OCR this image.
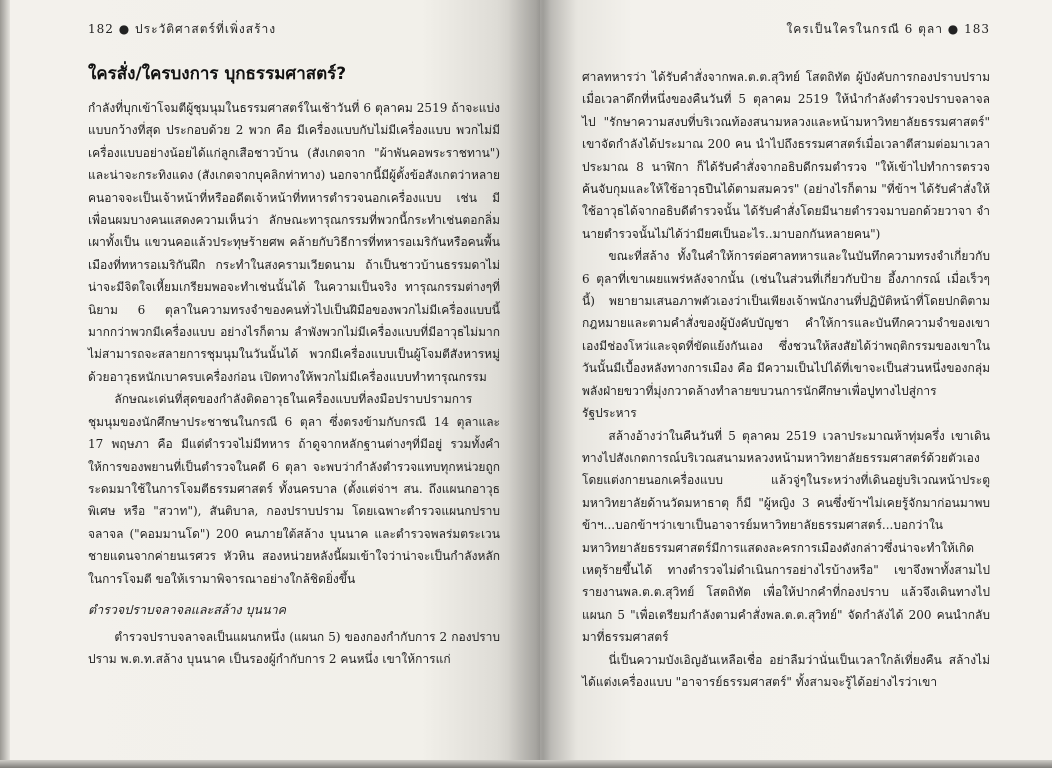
182 ● ประวัติศาสตร์ที่เพิ่งสร้าง
ใครสั่ง/ใครบงการ บุกธรรมศาสตร์?

กำลังที่บุกเข้าโจมตีผู้ชุมนุมในธรรมศาสตร์ในเช้าวันที่ 6 ตุลาคม 2519 ถ้าจะแบ่งแบบกว้างที่สุด ประกอบด้วย 2 พวก คือ มีเครื่องแบบกับไม่มีเครื่องแบบ พวกไม่มีเครื่องแบบอย่างน้อยได้แก่ลูกเสือชาวบ้าน (สังเกตจาก "ผ้าพันคอพระราชทาน") และน่าจะกระทิงแดง (สังเกตจากบุคลิกท่าทาง) นอกจากนี้มีผู้ตั้งข้อสังเกตว่าหลายคนอาจจะเป็นเจ้าหน้าที่หรืออดีตเจ้าหน้าที่ทหารตำรวจนอกเครื่องแบบ เช่น มีเพื่อนผมบางคนแสดงความเห็นว่า ลักษณะทารุณกรรมที่พวกนี้กระทำเช่นตอกลิ่ม เผาทั้งเป็น แขวนคอแล้วประทุษร้ายศพ คล้ายกับวิธีการที่ทหารอเมริกันหรือคนพื้นเมืองที่ทหารอเมริกันฝึก กระทำในสงครามเวียดนาม ถ้าเป็นชาวบ้านธรรมดาไม่น่าจะมีจิตใจเหี้ยมเกรียมพอจะทำเช่นนั้นได้ ในความเป็นจริง ทารุณกรรมต่างๆที่นิยาม 6 ตุลาในความทรงจำของคนทั่วไปเป็นฝีมือของพวกไม่มีเครื่องแบบนี้มากกว่าพวกมีเครื่องแบบ อย่างไรก็ตาม ลำพังพวกไม่มีเครื่องแบบที่มีอาวุธไม่มาก ไม่สามารถจะสลายการชุมนุมในวันนั้นได้ พวกมีเครื่องแบบเป็นผู้โจมตีสังหารหมู่ด้วยอาวุธหนักเบาครบเครื่องก่อน เปิดทางให้พวกไม่มีเครื่องแบบทำทารุณกรรม

ลักษณะเด่นที่สุดของกำลังติดอาวุธในเครื่องแบบที่ลงมือปราบปรามการชุมนุมของนักศึกษาประชาชนในกรณี 6 ตุลา ซึ่งตรงข้ามกับกรณี 14 ตุลาและ 17 พฤษภา คือ มีแต่ตำรวจไม่มีทหาร ถ้าดูจากหลักฐานต่างๆที่มีอยู่ รวมทั้งคำให้การของพยานที่เป็นตำรวจในคดี 6 ตุลา จะพบว่ากำลังตำรวจแทบทุกหน่วยถูกระดมมาใช้ในการโจมตีธรรมศาสตร์ ทั้งนครบาล (ตั้งแต่จ่าฯ สน. ถึงแผนกอาวุธพิเศษ หรือ "สวาท"), สันติบาล, กองปราบปราม โดยเฉพาะตำรวจแผนกปราบจลาจล ("คอมมานโด") 200 คนภายใต้สล้าง บุนนาค และตำรวจพลร่มตระเวนชายแดนจากค่ายนเรศวร หัวหิน สองหน่วยหลังนี้ผมเข้าใจว่าน่าจะเป็นกำลังหลักในการโจมตี ขอให้เรามาพิจารณาอย่างใกล้ชิดยิ่งขึ้น

ตำรวจปราบจลาจลและสล้าง บุนนาค

ตำรวจปราบจลาจลเป็นแผนกหนึ่ง (แผนก 5) ของกองกำกับการ 2 กองปราบปราม พ.ต.ท.สล้าง บุนนาค เป็นรองผู้กำกับการ 2 คนหนึ่ง เขาให้การแก่

ใครเป็นใครในกรณี 6 ตุลา ● 183

ศาลทหารว่า ได้รับคำสั่งจากพล.ต.ต.สุวิทย์ โสตถิทัต ผู้บังคับการกองปราบปราม เมื่อเวลาดึกที่หนึ่งของคืนวันที่ 5 ตุลาคม 2519 ให้นำกำลังตำรวจปราบจลาจลไป "รักษาความสงบที่บริเวณท้องสนามหลวงและหน้ามหาวิทยาลัยธรรมศาสตร์" เขาจัดกำลังได้ประมาณ 200 คน นำไปถึงธรรมศาสตร์เมื่อเวลาตีสามต่อมาเวลาประมาณ 8 นาฬิกา ก็ได้รับคำสั่งจากอธิบดีกรมตำรวจ "ให้เข้าไปทำการตรวจค้นจับกุมและให้ใช้อาวุธปืนได้ตามสมควร" (อย่างไรก็ตาม "ที่ข้าฯ ได้รับคำสั่งให้ใช้อาวุธได้จากอธิบดีตำรวจนั้น ได้รับคำสั่งโดยมีนายตำรวจมาบอกด้วยวาจา จำนายตำรวจนั้นไม่ได้ว่ามียศเป็นอะไร..มาบอกกันหลายคน")

ขณะที่สล้าง ทั้งในคำให้การต่อศาลทหารและในบันทึกความทรงจำเกี่ยวกับ 6 ตุลาที่เขาเผยแพร่หลังจากนั้น (เช่นในส่วนที่เกี่ยวกับป้าย อึ้งภากรณ์ เมื่อเร็วๆนี้) พยายามเสนอภาพตัวเองว่าเป็นเพียงเจ้าพนักงานที่ปฏิบัติหน้าที่โดยปกติตามกฎหมายและตามคำสั่งของผู้บังคับบัญชา คำให้การและบันทึกความจำของเขาเองมีช่องโหว่และจุดที่ขัดแย้งกันเอง ซึ่งชวนให้สงสัยได้ว่าพฤติกรรมของเขาในวันนั้นมีเบื้องหลังทางการเมือง คือ มีความเป็นไปได้ที่เขาจะเป็นส่วนหนึ่งของกลุ่มพลังฝ่ายขวาที่มุ่งกวาดล้างทำลายขบวนการนักศึกษาเพื่อปูทางไปสู่การรัฐประหาร

สล้างอ้างว่าในคืนวันที่ 5 ตุลาคม 2519 เวลาประมาณห้าทุ่มครึ่ง เขาเดินทางไปสังเกตการณ์บริเวณสนามหลวงหน้ามหาวิทยาลัยธรรมศาสตร์ด้วยตัวเองโดยแต่งกายนอกเครื่องแบบ แล้วจู่ๆในระหว่างที่เดินอยู่บริเวณหน้าประตูมหาวิทยาลัยด้านวัดมหาธาตุ ก็มี "ผู้หญิง 3 คนซึ่งข้าฯไม่เคยรู้จักมาก่อนมาพบข้าฯ...บอกข้าฯว่าเขาเป็นอาจารย์มหาวิทยาลัยธรรมศาสตร์...บอกว่าในมหาวิทยาลัยธรรมศาสตร์มีการแสดงละครการเมืองดังกล่าวซึ่งน่าจะทำให้เกิดเหตุร้ายขึ้นได้ ทางตำรวจไม่ดำเนินการอย่างไรบ้างหรือ" เขาจึงพาทั้งสามไปรายงานพล.ต.ต.สุวิทย์ โสตถิทัต เพื่อให้ปากคำที่กองปราบ แล้วจึงเดินทางไปแผนก 5 "เพื่อเตรียมกำลังตามคำสั่งพล.ต.ต.สุวิทย์" จัดกำลังได้ 200 คนนำกลับมาที่ธรรมศาสตร์

นี่เป็นความบังเอิญอันเหลือเชื่อ อย่าลืมว่านั่นเป็นเวลาใกล้เที่ยงคืน สล้างไม่ได้แต่งเครื่องแบบ "อาจารย์ธรรมศาสตร์" ทั้งสามจะรู้ได้อย่างไรว่าเขา
